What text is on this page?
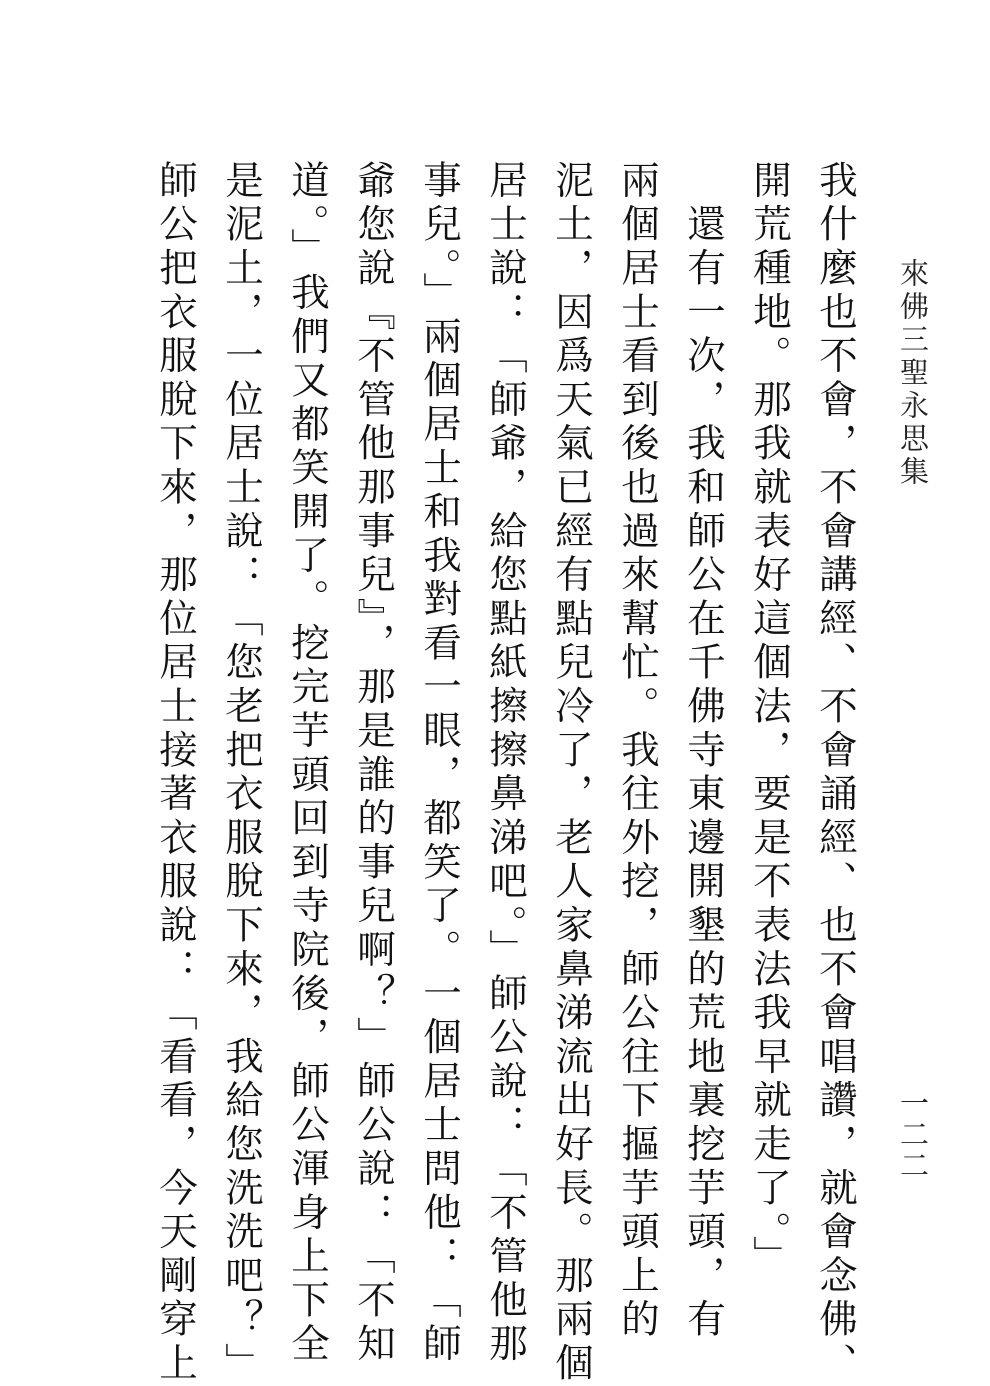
來佛三聖永思集
一二二
我什麼也不會，不會講經、不會誦經、也不會唱讚，就會念佛、
開荒種地。那我就表好這個法，要是不表法我早就走了。」
　還有一次，我和師公在千佛寺東邊開墾的荒地裏挖芋頭，有
兩個居士看到後也過來幫忙。我往外挖，師公往下摳芋頭上的
泥土，因爲天氣已經有點兒冷了，老人家鼻涕流出好長。那兩個
居士說：「師爺，給您點紙擦擦鼻涕吧。」師公說：「不管他那
事兒。」兩個居士和我對看一眼，都笑了。一個居士問他：「師
爺您說『不管他那事兒』，那是誰的事兒啊？」師公說：「不知
道。」我們又都笑開了。挖完芋頭回到寺院後，師公渾身上下全
是泥土，一位居士說：「您老把衣服脫下來，我給您洗洗吧？」
師公把衣服脫下來，那位居士接著衣服說：「看看，今天剛穿上
